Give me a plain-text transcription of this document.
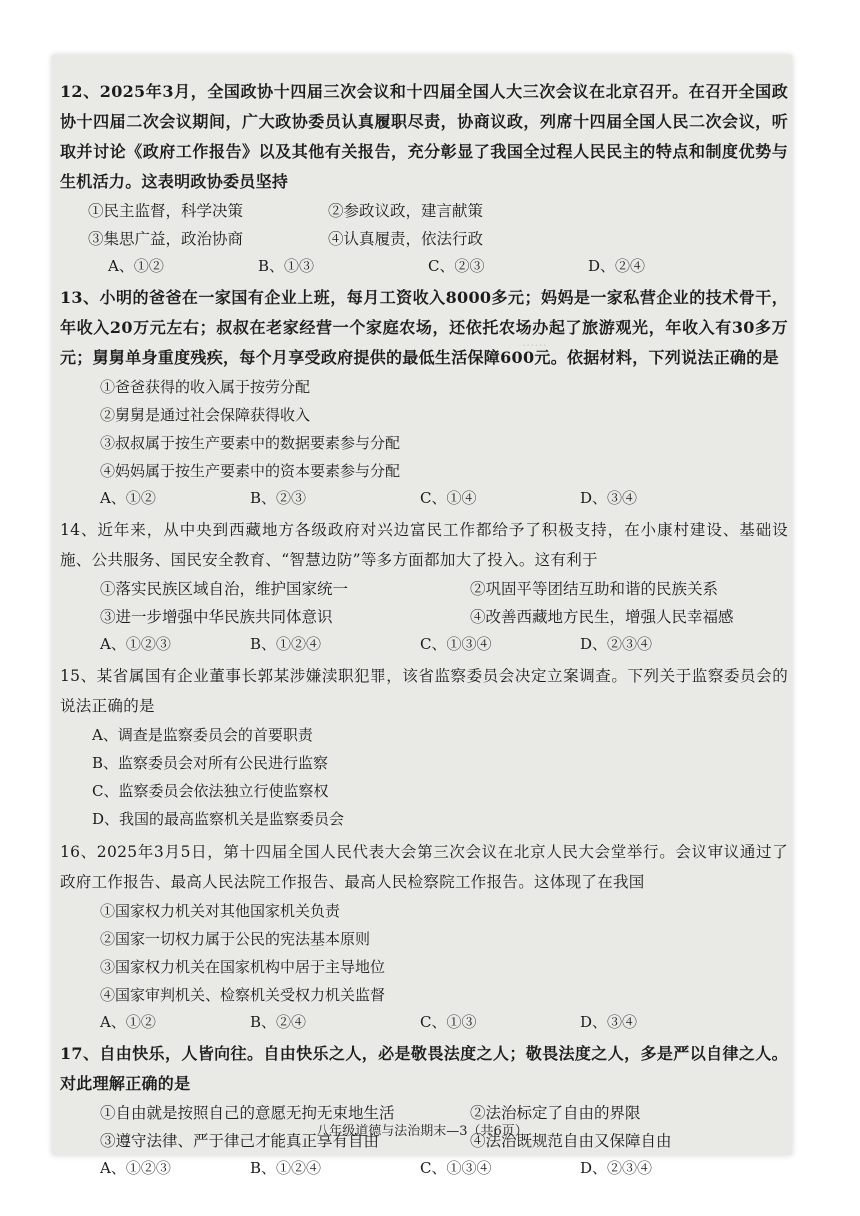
......
12、2025年3月，全国政协十四届三次会议和十四届全国人大三次会议在北京召开。在召开全国政协十四届二次会议期间，广大政协委员认真履职尽责，协商议政，列席十四届全国人民二次会议，听取并讨论《政府工作报告》以及其他有关报告，充分彰显了我国全过程人民民主的特点和制度优势与生机活力。这表明政协委员坚持
①民主监督，科学决策	②参政议政，建言献策
③集思广益，政治协商	④认真履责，依法行政
A、①②	B、①③	C、②③	D、②④
13、小明的爸爸在一家国有企业上班，每月工资收入8000多元；妈妈是一家私营企业的技术骨干，年收入20万元左右；叔叔在老家经营一个家庭农场，还依托农场办起了旅游观光，年收入有30多万元；舅舅单身重度残疾，每个月享受政府提供的最低生活保障600元。依据材料，下列说法正确的是
①爸爸获得的收入属于按劳分配
②舅舅是通过社会保障获得收入
③叔叔属于按生产要素中的数据要素参与分配
④妈妈属于按生产要素中的资本要素参与分配
A、①②	B、②③	C、①④	D、③④
14、近年来，从中央到西藏地方各级政府对兴边富民工作都给予了积极支持，在小康村建设、基础设施、公共服务、国民安全教育、“智慧边防”等多方面都加大了投入。这有利于
①落实民族区域自治，维护国家统一	②巩固平等团结互助和谐的民族关系
③进一步增强中华民族共同体意识	④改善西藏地方民生，增强人民幸福感
A、①②③	B、①②④	C、①③④	D、②③④
15、某省属国有企业董事长郭某涉嫌渎职犯罪，该省监察委员会决定立案调查。下列关于监察委员会的说法正确的是
A、调查是监察委员会的首要职责
B、监察委员会对所有公民进行监察
C、监察委员会依法独立行使监察权
D、我国的最高监察机关是监察委员会
16、2025年3月5日，第十四届全国人民代表大会第三次会议在北京人民大会堂举行。会议审议通过了政府工作报告、最高人民法院工作报告、最高人民检察院工作报告。这体现了在我国
①国家权力机关对其他国家机关负责
②国家一切权力属于公民的宪法基本原则
③国家权力机关在国家机构中居于主导地位
④国家审判机关、检察机关受权力机关监督
A、①②	B、②④	C、①③	D、③④
17、自由快乐，人皆向往。自由快乐之人，必是敬畏法度之人；敬畏法度之人，多是严以自律之人。对此理解正确的是
①自由就是按照自己的意愿无拘无束地生活	②法治标定了自由的界限
③遵守法律、严于律己才能真正享有自由	④法治既规范自由又保障自由
A、①②③	B、①②④	C、①③④	D、②③④
八年级道德与法治期末—3（共6页）
